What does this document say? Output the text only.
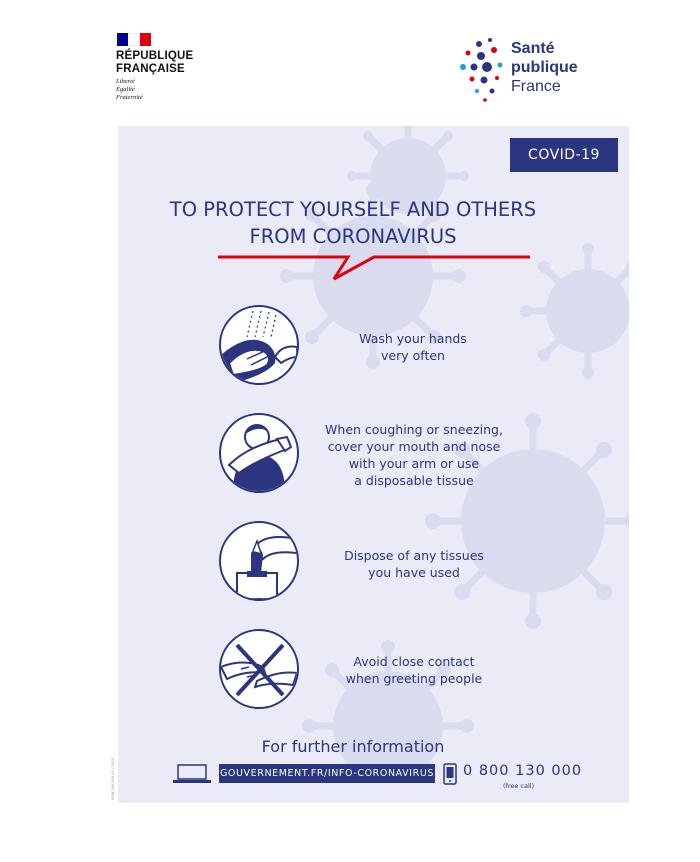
RÉPUBLIQUE
FRANÇAISE
Liberté
Égalité
Fraternité
Santé
publique
France
COVID-19
TO PROTECT YOURSELF AND OTHERS
FROM CORONAVIRUS
Wash your hands
very often
When coughing or sneezing,
cover your mouth and nose
with your arm or use
a disposable tissue
Dispose of any tissues
you have used
Avoid close contact
when greeting people
For further information
GOUVERNEMENT.FR/INFO-CORONAVIRUS 0 800 130 000
(free call)
ISBN 000-000-00 / 2020
